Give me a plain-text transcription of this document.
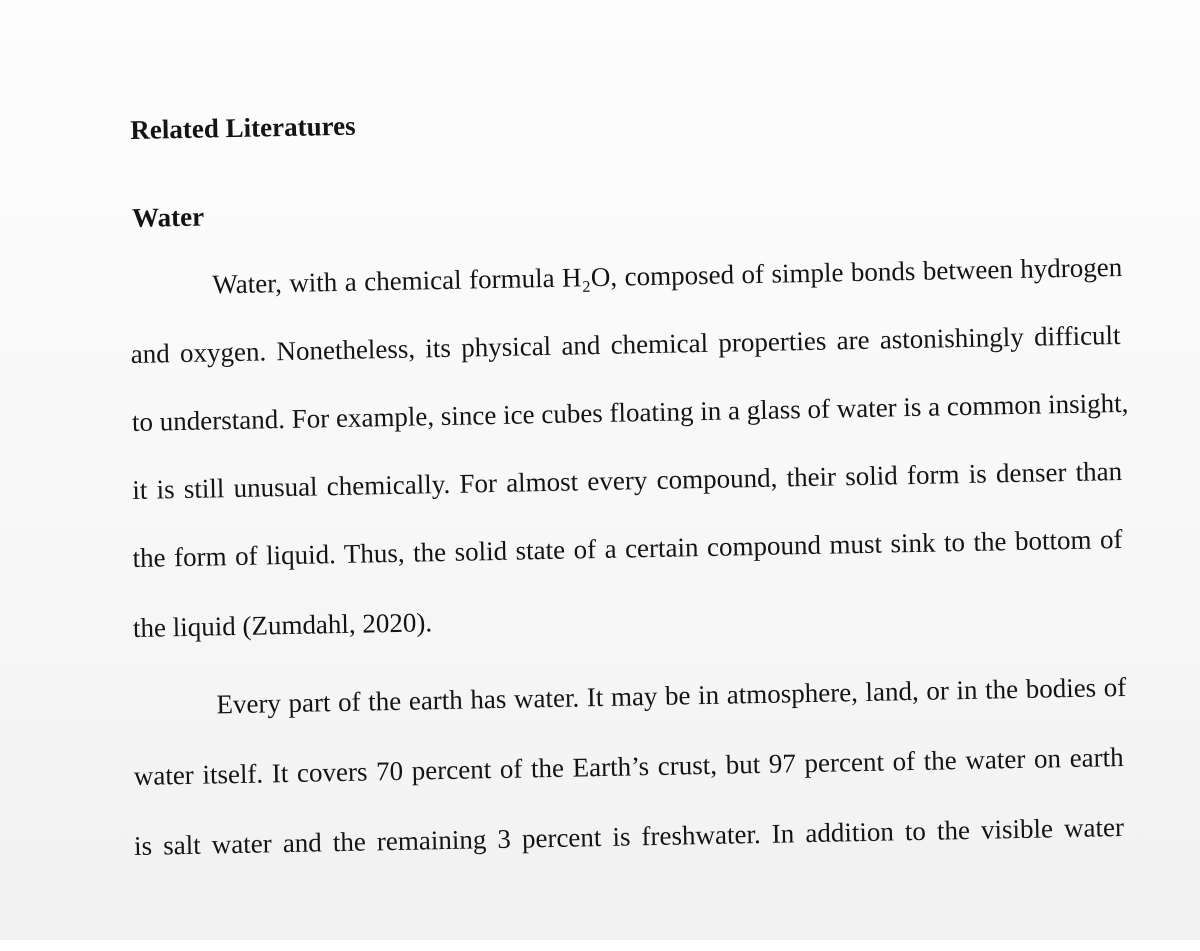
Related Literatures
Water
Water, with a chemical formula H₂O, composed of simple bonds between hydrogen
and oxygen. Nonetheless, its physical and chemical properties are astonishingly difficult
to understand. For example, since ice cubes floating in a glass of water is a common insight,
it is still unusual chemically. For almost every compound, their solid form is denser than
the form of liquid. Thus, the solid state of a certain compound must sink to the bottom of
the liquid (Zumdahl, 2020).
Every part of the earth has water. It may be in atmosphere, land, or in the bodies of
water itself. It covers 70 percent of the Earth’s crust, but 97 percent of the water on earth
is salt water and the remaining 3 percent is freshwater. In addition to the visible water
